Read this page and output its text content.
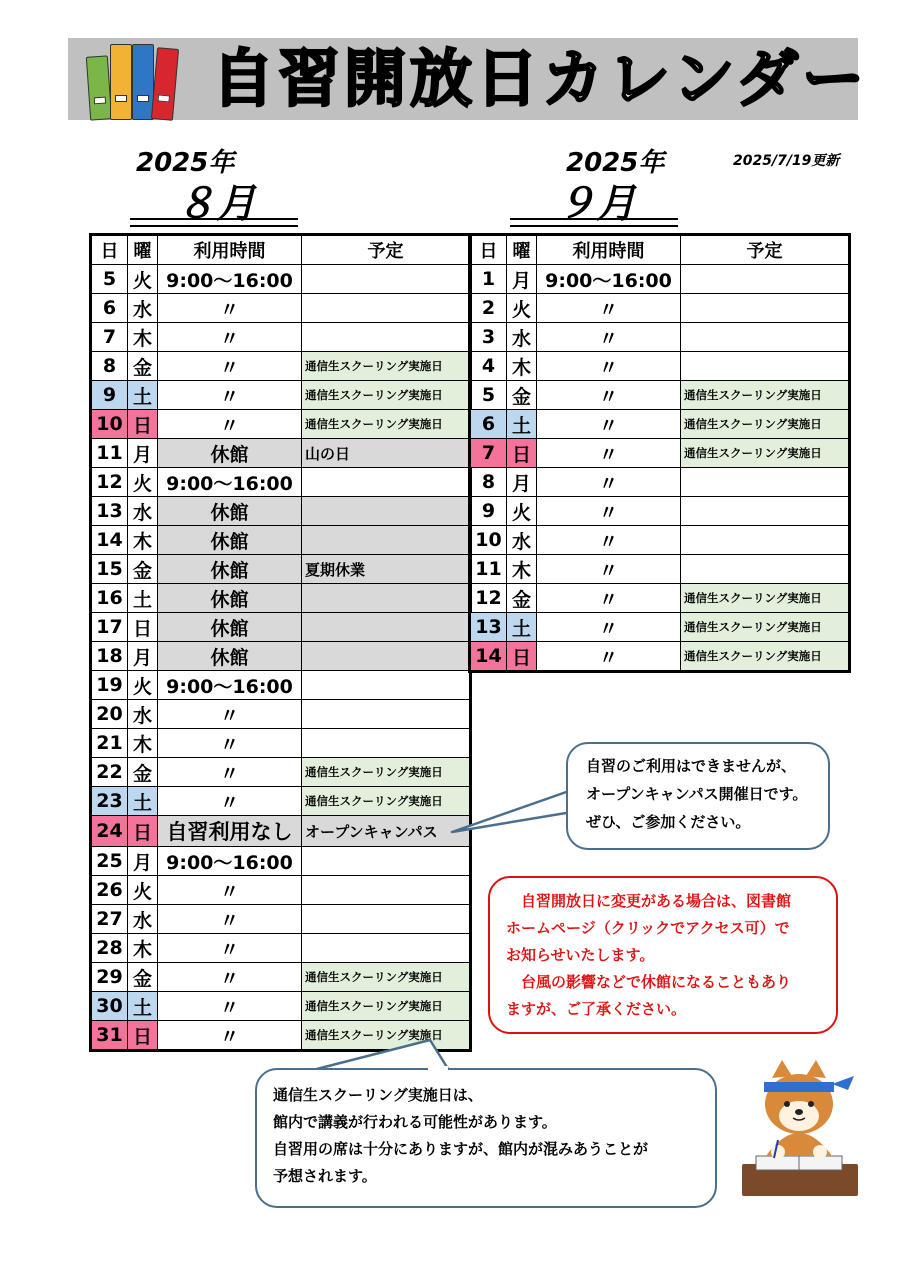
自習開放日カレンダー
2025年
８月
2025年
９月
2025/7/19更新
日	曜	利用時間	予定
5	火	9:00～16:00	
6	水	〃	
7	木	〃	
8	金	〃	通信生スクーリング実施日
9	土	〃	通信生スクーリング実施日
10	日	〃	通信生スクーリング実施日
11	月	休館	山の日
12	火	9:00～16:00	
13	水	休館	
14	木	休館	
15	金	休館	夏期休業
16	土	休館	
17	日	休館	
18	月	休館	
19	火	9:00～16:00	
20	水	〃	
21	木	〃	
22	金	〃	通信生スクーリング実施日
23	土	〃	通信生スクーリング実施日
24	日	自習利用なし	オープンキャンパス
25	月	9:00～16:00	
26	火	〃	
27	水	〃	
28	木	〃	
29	金	〃	通信生スクーリング実施日
30	土	〃	通信生スクーリング実施日
31	日	〃	通信生スクーリング実施日
日	曜	利用時間	予定
1	月	9:00～16:00	
2	火	〃	
3	水	〃	
4	木	〃	
5	金	〃	通信生スクーリング実施日
6	土	〃	通信生スクーリング実施日
7	日	〃	通信生スクーリング実施日
8	月	〃	
9	火	〃	
10	水	〃	
11	木	〃	
12	金	〃	通信生スクーリング実施日
13	土	〃	通信生スクーリング実施日
14	日	〃	通信生スクーリング実施日
自習のご利用はできませんが、
オープンキャンパス開催日です。
ぜひ、ご参加ください。
　自習開放日に変更がある場合は、図書館
ホームページ（クリックでアクセス可）で
お知らせいたします。
　台風の影響などで休館になることもあり
ますが、ご了承ください。
通信生スクーリング実施日は、
館内で講義が行われる可能性があります。
自習用の席は十分にありますが、館内が混みあうことが
予想されます。
